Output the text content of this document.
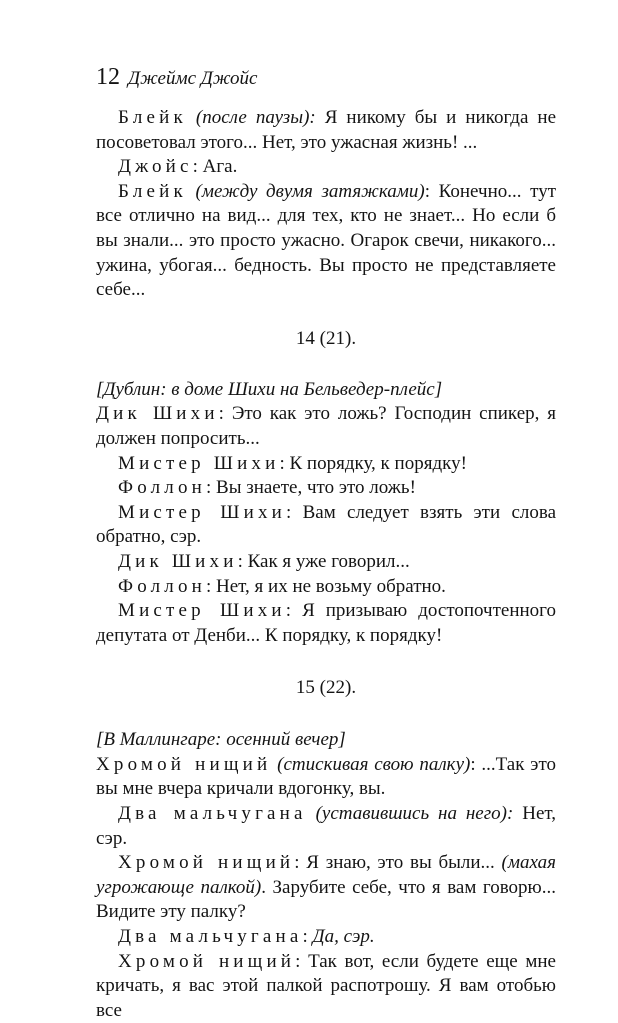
12 Джеймс Джойс

Блейк (после паузы): Я никому бы и никогда не посоветовал этого... Нет, это ужасная жизнь! ...

Джойс: Ага.

Блейк (между двумя затяжками): Конечно... тут все отлично на вид... для тех, кто не знает... Но если б вы знали... это просто ужасно. Огарок свечи, никакого... ужина, убогая... бедность. Вы просто не представляете себе...

14 (21).

[Дублин: в доме Шихи на Бельведер-плейс]

Дик Шихи: Это как это ложь? Господин спикер, я должен попросить...

Мистер Шихи: К порядку, к порядку!

Фоллон: Вы знаете, что это ложь!

Мистер Шихи: Вам следует взять эти слова обратно, сэр.

Дик Шихи: Как я уже говорил...

Фоллон: Нет, я их не возьму обратно.

Мистер Шихи: Я призываю достопочтенного депутата от Денби... К порядку, к порядку!

15 (22).

[В Маллингаре: осенний вечер]

Хромой нищий (стискивая свою палку): ...Так это вы мне вчера кричали вдогонку, вы.

Два мальчугана (уставившись на него): Нет, сэр.

Хромой нищий: Я знаю, это вы были... (махая угрожающе палкой). Зарубите себе, что я вам говорю... Видите эту палку?

Два мальчугана: Да, сэр.

Хромой нищий: Так вот, если будете еще мне кричать, я вас этой палкой распотрошу. Я вам отобью все
